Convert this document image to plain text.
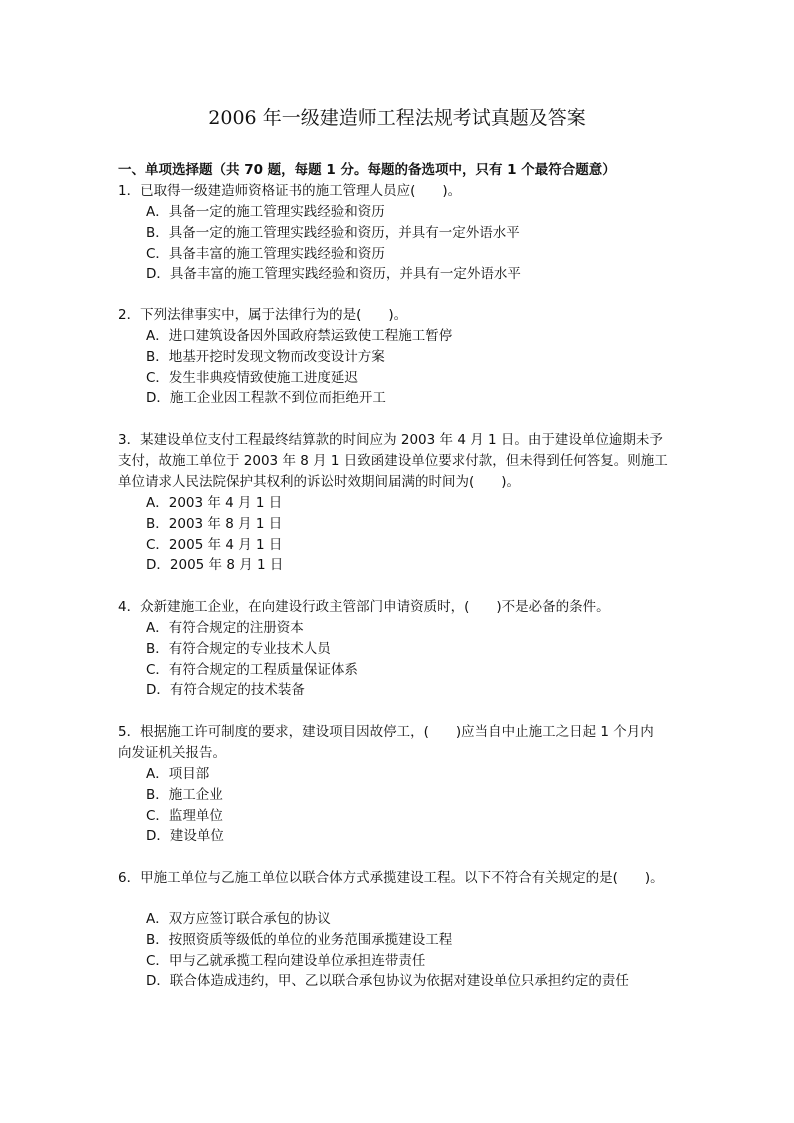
2006 年一级建造师工程法规考试真题及答案
一、单项选择题（共 70 题，每题 1 分。每题的备选项中，只有 1 个最符合题意）
1．已取得一级建造师资格证书的施工管理人员应(　　)。
A．具备一定的施工管理实践经验和资历
B．具备一定的施工管理实践经验和资历，并具有一定外语水平
C．具备丰富的施工管理实践经验和资历
D．具备丰富的施工管理实践经验和资历，并具有一定外语水平
2．下列法律事实中，属于法律行为的是(　　)。
A．进口建筑设备因外国政府禁运致使工程施工暂停
B．地基开挖时发现文物而改变设计方案
C．发生非典疫情致使施工进度延迟
D．施工企业因工程款不到位而拒绝开工
3．某建设单位支付工程最终结算款的时间应为 2003 年 4 月 1 日。由于建设单位逾期未予
支付，故施工单位于 2003 年 8 月 1 日致函建设单位要求付款，但未得到任何答复。则施工
单位请求人民法院保护其权利的诉讼时效期间届满的时间为(　　)。
A．2003 年 4 月 1 日
B．2003 年 8 月 1 日
C．2005 年 4 月 1 日
D．2005 年 8 月 1 日
4．众新建施工企业，在向建设行政主管部门申请资质时，(　　)不是必备的条件。
A．有符合规定的注册资本
B．有符合规定的专业技术人员
C．有符合规定的工程质量保证体系
D．有符合规定的技术装备
5．根据施工许可制度的要求，建设项目因故停工，(　　)应当自中止施工之日起 1 个月内
向发证机关报告。
A．项目部
B．施工企业
C．监理单位
D．建设单位
6．甲施工单位与乙施工单位以联合体方式承揽建设工程。以下不符合有关规定的是(　　)。
A．双方应签订联合承包的协议
B．按照资质等级低的单位的业务范围承揽建设工程
C．甲与乙就承揽工程向建设单位承担连带责任
D．联合体造成违约，甲、乙以联合承包协议为依据对建设单位只承担约定的责任
